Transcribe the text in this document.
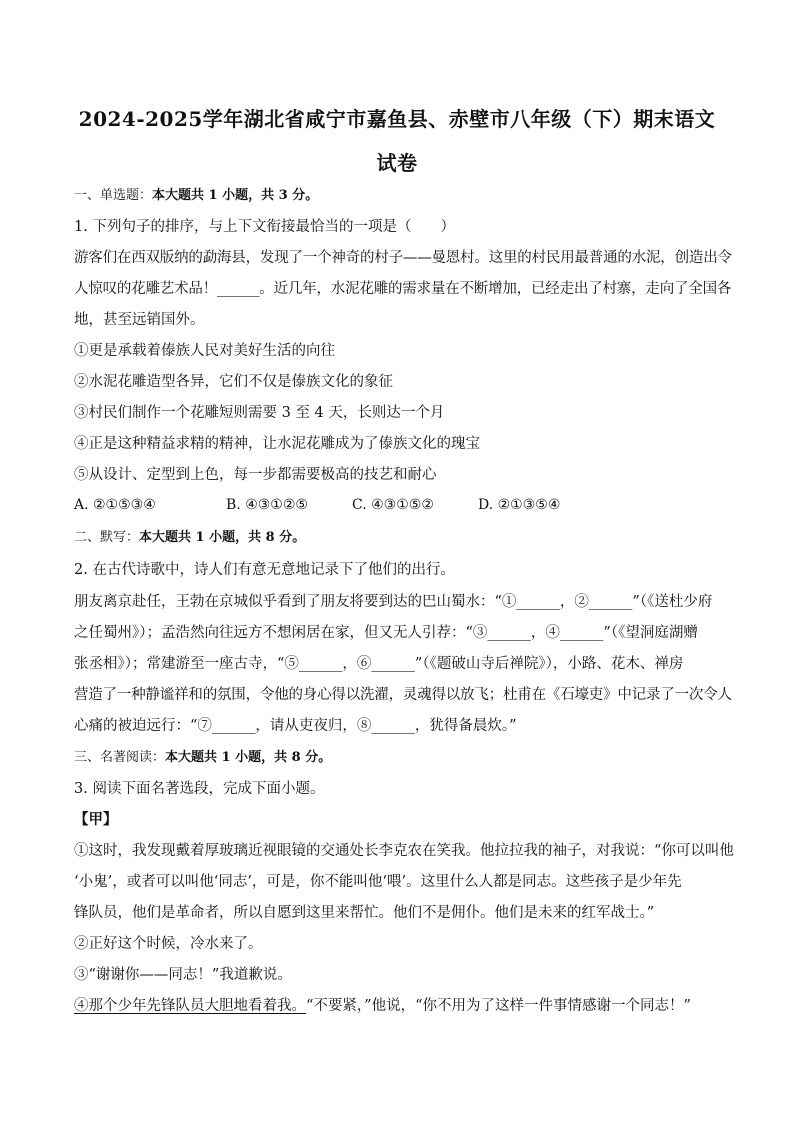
2024-2025学年湖北省咸宁市嘉鱼县、赤壁市八年级（下）期末语文
试卷
一、单选题：本大题共 1 小题，共 3 分。
1. 下列句子的排序，与上下文衔接最恰当的一项是（　　）
游客们在西双版纳的勐海县，发现了一个神奇的村子——曼恩村。这里的村民用最普通的水泥，创造出令
人惊叹的花雕艺术品！______。近几年，水泥花雕的需求量在不断增加，已经走出了村寨，走向了全国各
地，甚至远销国外。
①更是承载着傣族人民对美好生活的向往
②水泥花雕造型各异，它们不仅是傣族文化的象征
③村民们制作一个花雕短则需要 3 至 4 天，长则达一个月
④正是这种精益求精的精神，让水泥花雕成为了傣族文化的瑰宝
⑤从设计、定型到上色，每一步都需要极高的技艺和耐心
A. ②①⑤③④	B. ④③①②⑤	C. ④③①⑤②	D. ②①③⑤④
二、默写：本大题共 1 小题，共 8 分。
2. 在古代诗歌中，诗人们有意无意地记录下了他们的出行。
朋友离京赴任，王勃在京城似乎看到了朋友将要到达的巴山蜀水：“①______，②______”（《送杜少府
之任蜀州》）；孟浩然向往远方不想闲居在家，但又无人引荐：“③______，④______”（《望洞庭湖赠
张丞相》）；常建游至一座古寺，“⑤______，⑥______”（《题破山寺后禅院》），小路、花木、禅房
营造了一种静谧祥和的氛围，令他的身心得以洗濯，灵魂得以放飞；杜甫在《石壕吏》中记录了一次令人
心痛的被迫远行：“⑦______，请从吏夜归，⑧______，犹得备晨炊。”
三、名著阅读：本大题共 1 小题，共 8 分。
3. 阅读下面名著选段，完成下面小题。
【甲】
①这时，我发现戴着厚玻璃近视眼镜的交通处长李克农在笑我。他拉拉我的袖子，对我说：“你可以叫他
‘小鬼’，或者可以叫他‘同志’，可是，你不能叫他‘喂’。这里什么人都是同志。这些孩子是少年先
锋队员，他们是革命者，所以自愿到这里来帮忙。他们不是佣仆。他们是未来的红军战士。”
②正好这个时候，冷水来了。
③“谢谢你——同志！”我道歉说。
④那个少年先锋队员大胆地看着我。“不要紧，”他说，“你不用为了这样一件事情感谢一个同志！”
